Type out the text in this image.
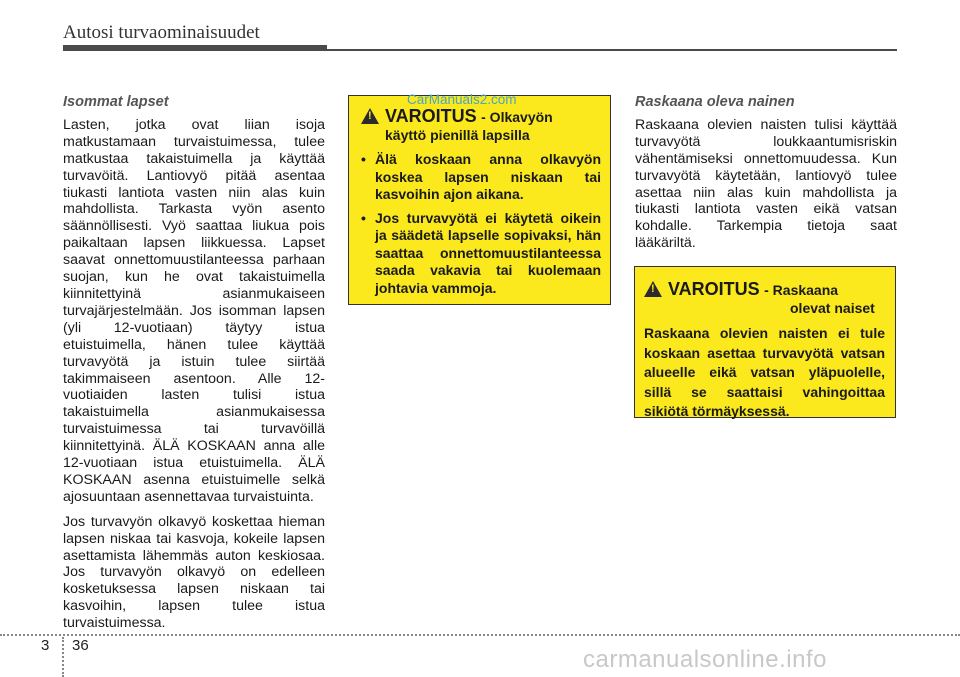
Autosi turvaominaisuudet
Isommat lapset

Lasten, jotka ovat liian isoja matkustamaan turvaistuimessa, tulee matkustaa takaistuimella ja käyttää turvavöitä. Lantiovyö pitää asentaa tiukasti lantiota vasten niin alas kuin mahdollista. Tarkasta vyön asento säännöllisesti. Vyö saattaa liukua pois paikaltaan lapsen liikkuessa. Lapset saavat onnettomuustilanteessa parhaan suojan, kun he ovat takaistuimella kiinnitettyinä asianmukaiseen turvajärjestelmään. Jos isomman lapsen (yli 12-vuotiaan) täytyy istua etuistuimella, hänen tulee käyttää turvavyötä ja istuin tulee siirtää takimmaiseen asentoon. Alle 12-vuotiaiden lasten tulisi istua takaistuimella asianmukaisessa turvaistuimessa tai turvavöillä kiinnitettyinä. ÄLÄ KOSKAAN anna alle 12-vuotiaan istua etuistuimella. ÄLÄ KOSKAAN asenna etuistuimelle selkä ajosuuntaan asennettavaa turvaistuinta.

Jos turvavyön olkavyö koskettaa hieman lapsen niskaa tai kasvoja, kokeile lapsen asettamista lähemmäs auton keskiosaa. Jos turvavyön olkavyö on edelleen kosketuksessa lapsen niskaan tai kasvoihin, lapsen tulee istua turvaistuimessa.

!
VAROITUS - Olkavyön
käyttö pienillä lapsilla
• Älä koskaan anna olkavyön koskea lapsen niskaan tai kasvoihin ajon aikana.
• Jos turvavyötä ei käytetä oikein ja säädetä lapselle sopivaksi, hän saattaa onnettomuustilanteessa saada vakavia tai kuolemaan johtavia vammoja.
CarManuals2.com	Raskaana oleva nainen

Raskaana olevien naisten tulisi käyttää turvavyötä loukkaantumisriskin vähentämiseksi onnettomuudessa. Kun turvavyötä käytetään, lantiovyö tulee asettaa niin alas kuin mahdollista ja tiukasti lantiota vasten eikä vatsan kohdalle. Tarkempia tietoja saat lääkäriltä.

!
VAROITUS - Raskaana
olevat naiset
Raskaana olevien naisten ei tule koskaan asettaa turvavyötä vatsan alueelle eikä vatsan yläpuolelle, sillä se saattaisi vahingoittaa sikiötä törmäyksessä.
3 36
carmanualsonline.info
